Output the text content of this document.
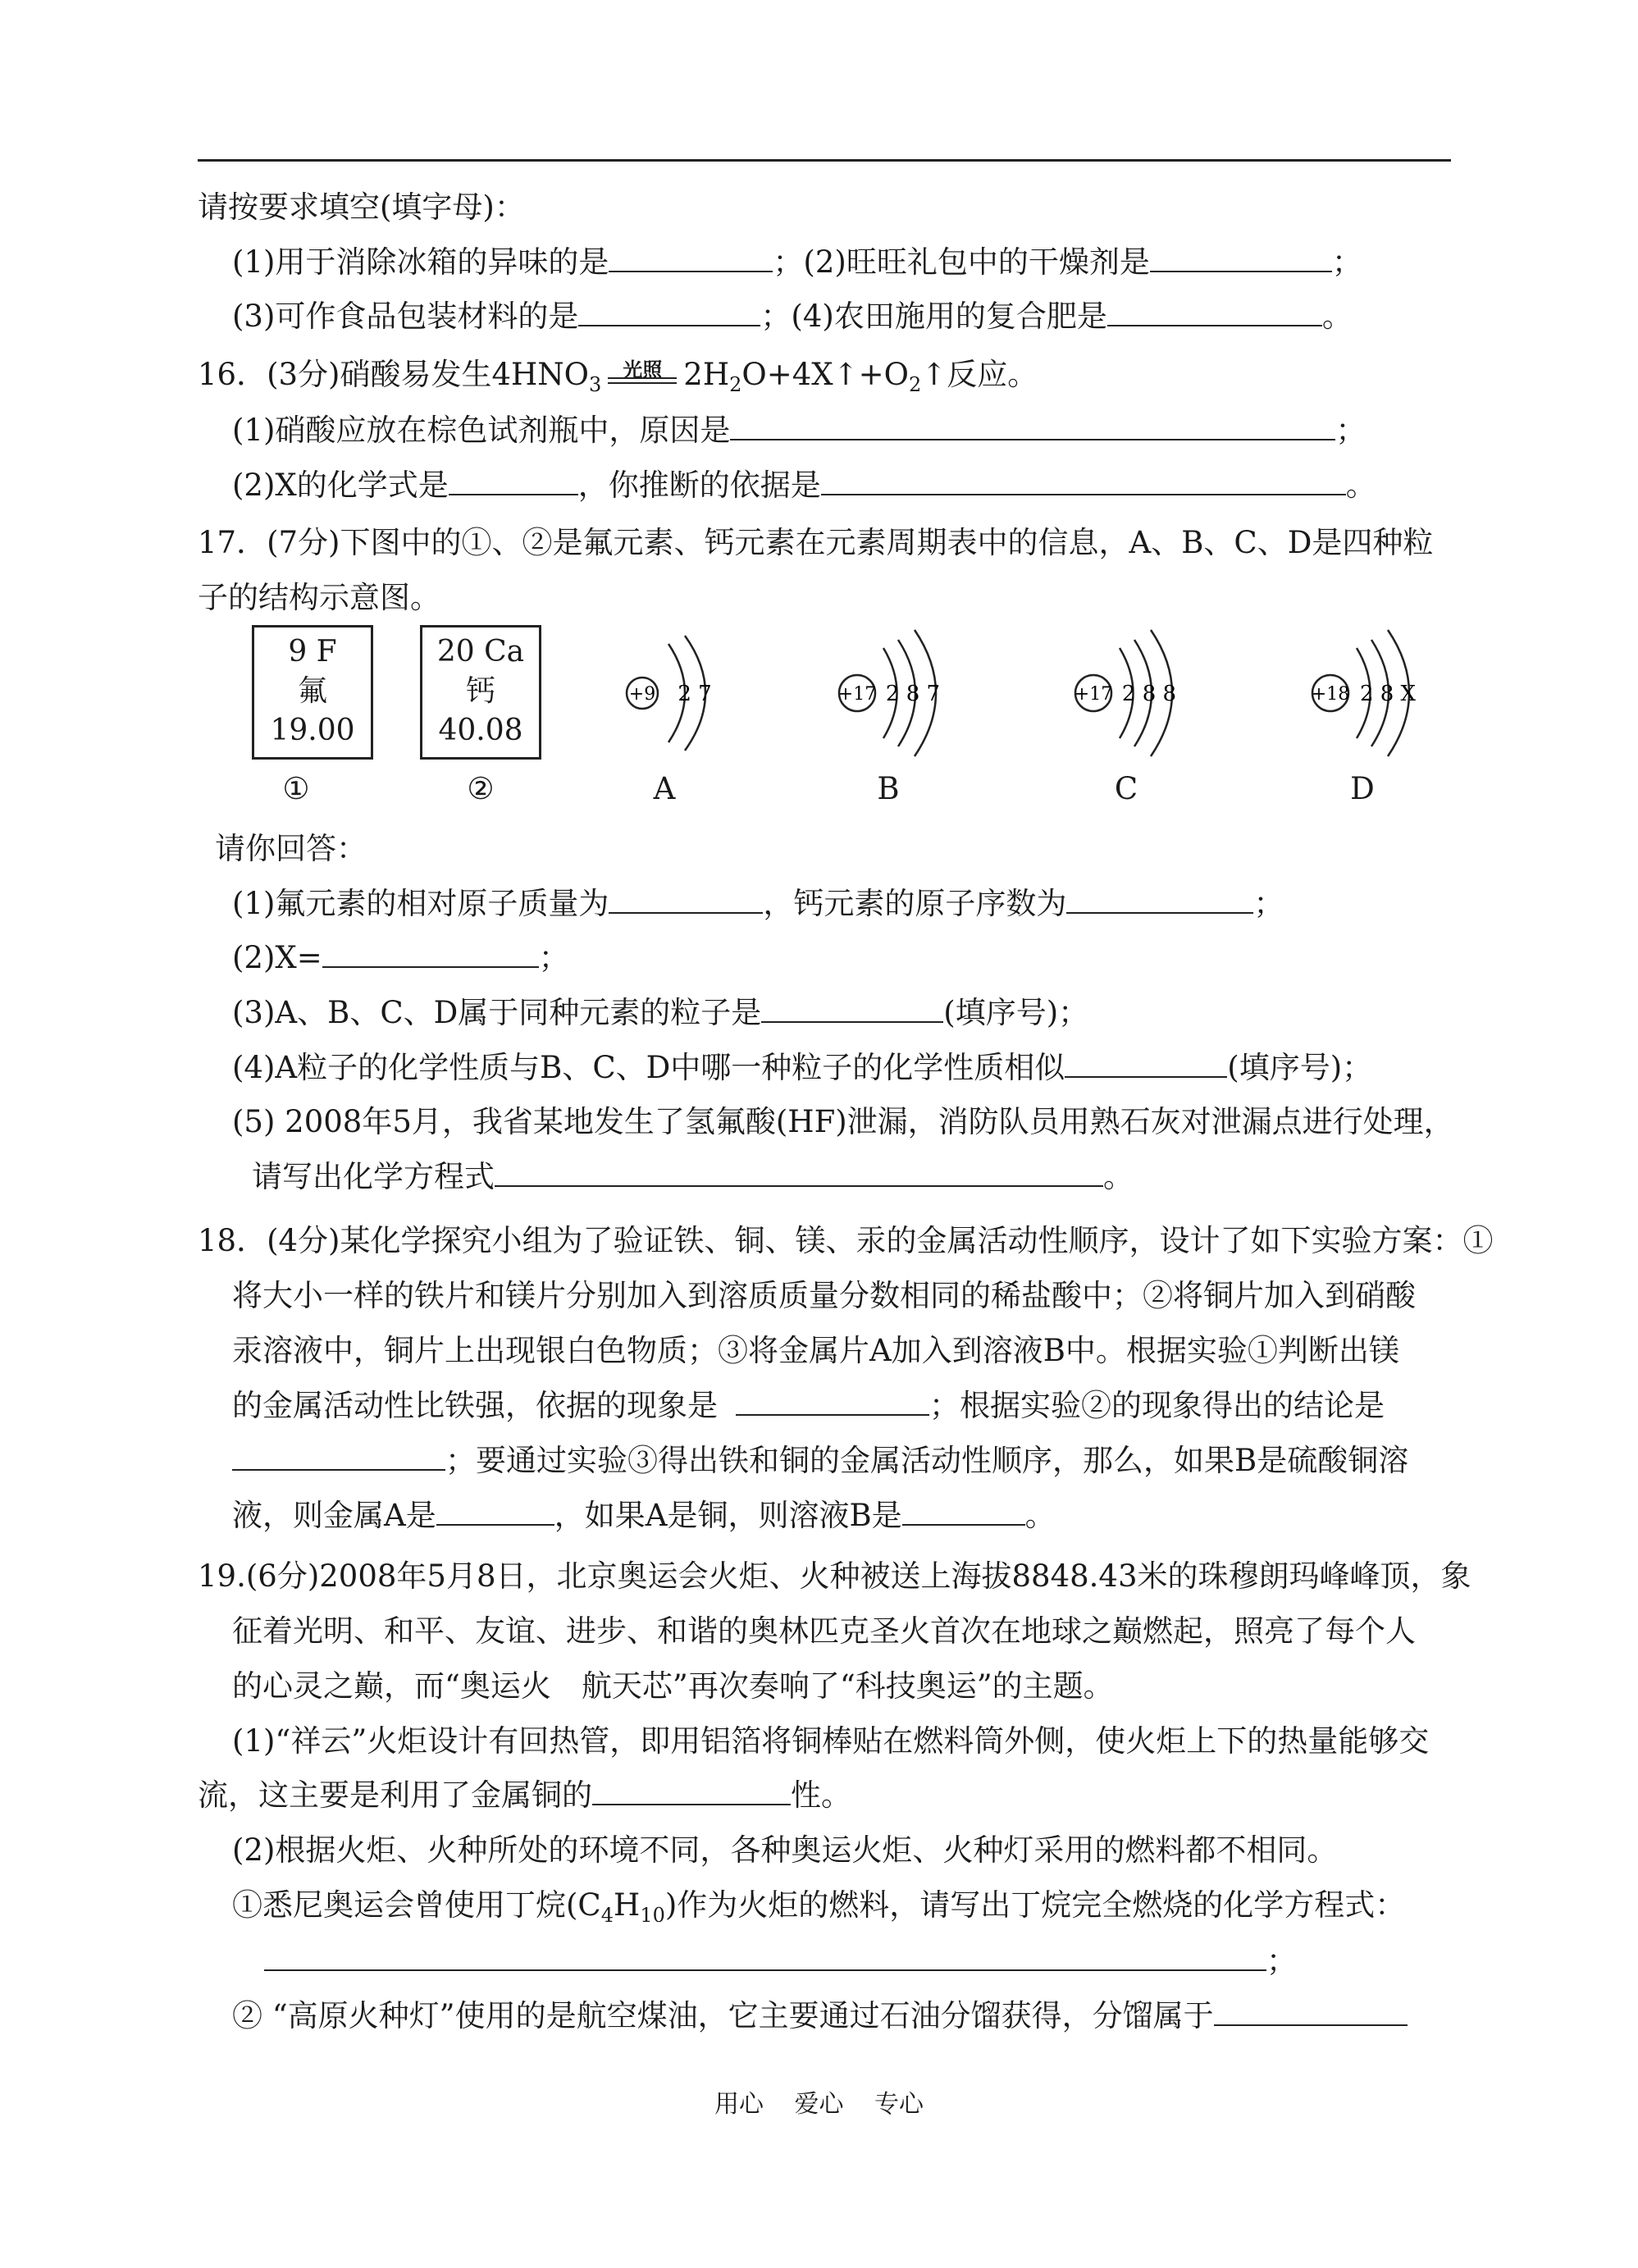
请按要求填空(填字母)：
(1)用于消除冰箱的异味的是	；(2)旺旺礼包中的干燥剂是	；
(3)可作食品包装材料的是	；(4)农田施用的复合肥是	。
16．(3分)硝酸易发生$4HNO_3$
光照 $2H_2O+4X↑+O_2↑$反应。
(1)硝酸应放在棕色试剂瓶中，原因是	；
(2)X的化学式是	，你推断的依据是	。
17．(7分)下图中的①、②是氟元素、钙元素在元素周期表中的信息，A、B、C、D是四种粒
子的结构示意图。
9 F
氟
19.00
20 Ca
钙
40.08
①	②
+9 2 7	+17 2 8 7	+17 2 8 8	+18 2 8 X
A	B	C	D
请你回答：
(1)氟元素的相对原子质量为	，钙元素的原子序数为	；
(2)X=	；
(3)A、B、C、D属于同种元素的粒子是	(填序号)；
(4)A粒子的化学性质与B、C、D中哪一种粒子的化学性质相似	(填序号)；
(5) 2008年5月，我省某地发生了氢氟酸(HF)泄漏，消防队员用熟石灰对泄漏点进行处理，
请写出化学方程式	。
18．(4分)某化学探究小组为了验证铁、铜、镁、汞的金属活动性顺序，设计了如下实验方案：①
将大小一样的铁片和镁片分别加入到溶质质量分数相同的稀盐酸中；②将铜片加入到硝酸
汞溶液中，铜片上出现银白色物质；③将金属片A加入到溶液B中。根据实验①判断出镁
的金属活动性比铁强，依据的现象是	；根据实验②的现象得出的结论是
；要通过实验③得出铁和铜的金属活动性顺序，那么，如果B是硫酸铜溶
液，则金属A是	，如果A是铜，则溶液B是	。
19.(6分)2008年5月8日，北京奥运会火炬、火种被送上海拔8848.43米的珠穆朗玛峰峰顶，象
征着光明、和平、友谊、进步、和谐的奥林匹克圣火首次在地球之巅燃起，照亮了每个人
的心灵之巅，而“奥运火　航天芯”再次奏响了“科技奥运”的主题。
(1)“祥云”火炬设计有回热管，即用铝箔将铜棒贴在燃料筒外侧，使火炬上下的热量能够交
流，这主要是利用了金属铜的	性。
(2)根据火炬、火种所处的环境不同，各种奥运火炬、火种灯采用的燃料都不相同。
①悉尼奥运会曾使用丁烷$(C_4H_{10})$作为火炬的燃料，请写出丁烷完全燃烧的化学方程式：
；
② “高原火种灯”使用的是航空煤油，它主要通过石油分馏获得，分馏属于
用心 爱心 专心
